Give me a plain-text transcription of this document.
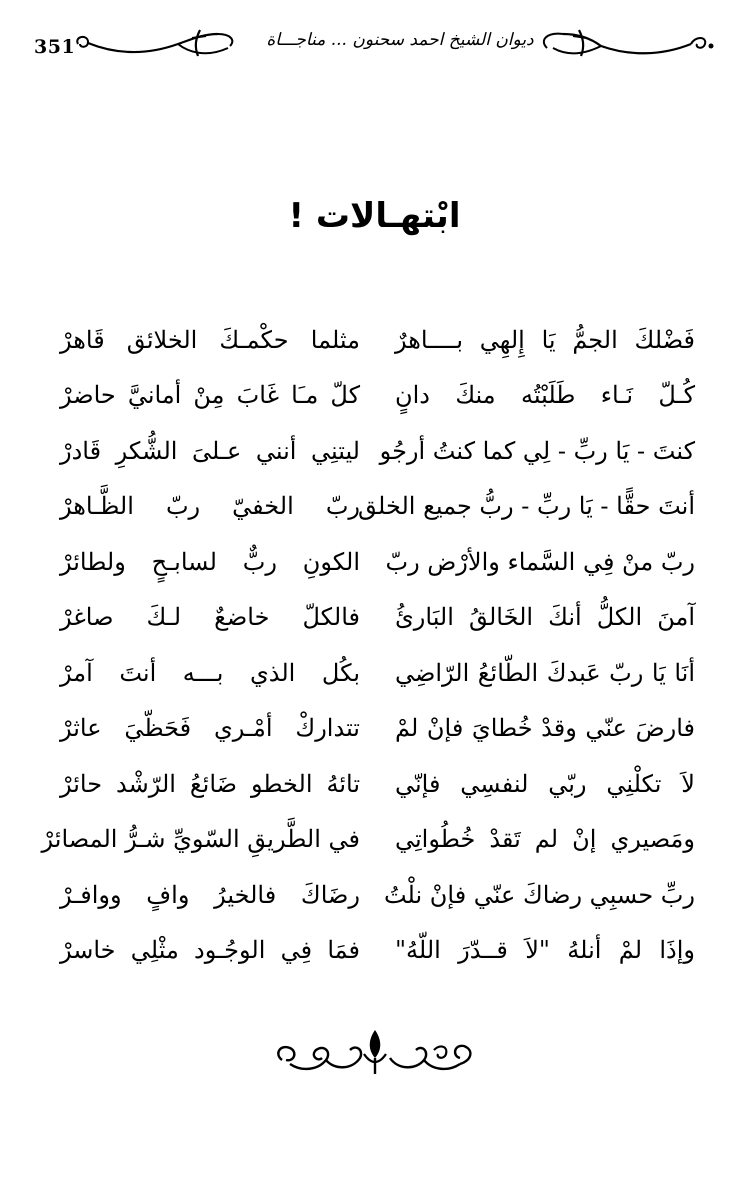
351	ديوان الشيخ احمد سحنون ... مناجـــاة
ابْتهـالات !
فَضْلكَ الجمُّ يَا إِلهِي بــــاهرٌ
مثلما حكْمـكَ الخلائق قَاهرْ
كُـلّ نَـاء طَلَبْتُه منكَ دانٍ
كلّ مـَا غَابَ مِنْ أمانيَّ حاضرْ
كنتَ - يَا ربِّ - لِي كما كنتُ أرجُو
ليتنِي أنني عـلىَ الشُّكرِ قَادرْ
أنتَ حقًّا - يَا ربِّ - ربُّ جميع الخلق
ربّ الخفيّ ربّ الظَّـاهرْ
ربّ منْ فِي السَّماء والأرْض ربّ
الكونِ ربٌّ لسابـحٍ ولطائرْ
آمنَ الكلُّ أنكَ الخَالقُ البَارئُ
فالكلّ خاضعٌ لـكَ صاغرْ
أنَا يَا ربّ عَبدكَ الطّائعُ الرّاضِي
بكُل الذي بـــه أنتَ آمرْ
فارضَ عنّي وقدْ خُطايَ فإنْ لمْ
تتداركْ أمْـري فَحَظّيَ عاثرْ
لاَ تكلْنِي ربّي لنفسِي فإنّي
تائهُ الخطو ضَائعُ الرّشْد حائرْ
ومَصيري إنْ لم تَقدْ خُطُواتِي
في الطَّريقِ السّويِّ شـرُّ المصائرْ
ربِّ حسبِي رضاكَ عنّي فإنْ نلْتُ
رضَاكَ فالخيرُ وافٍ ووافـرْ
وإذَا لمْ أنلهُ "لاَ قــدّرَ اللّهُ"
فمَا فِي الوجُـود مثْلِي خاسرْ
